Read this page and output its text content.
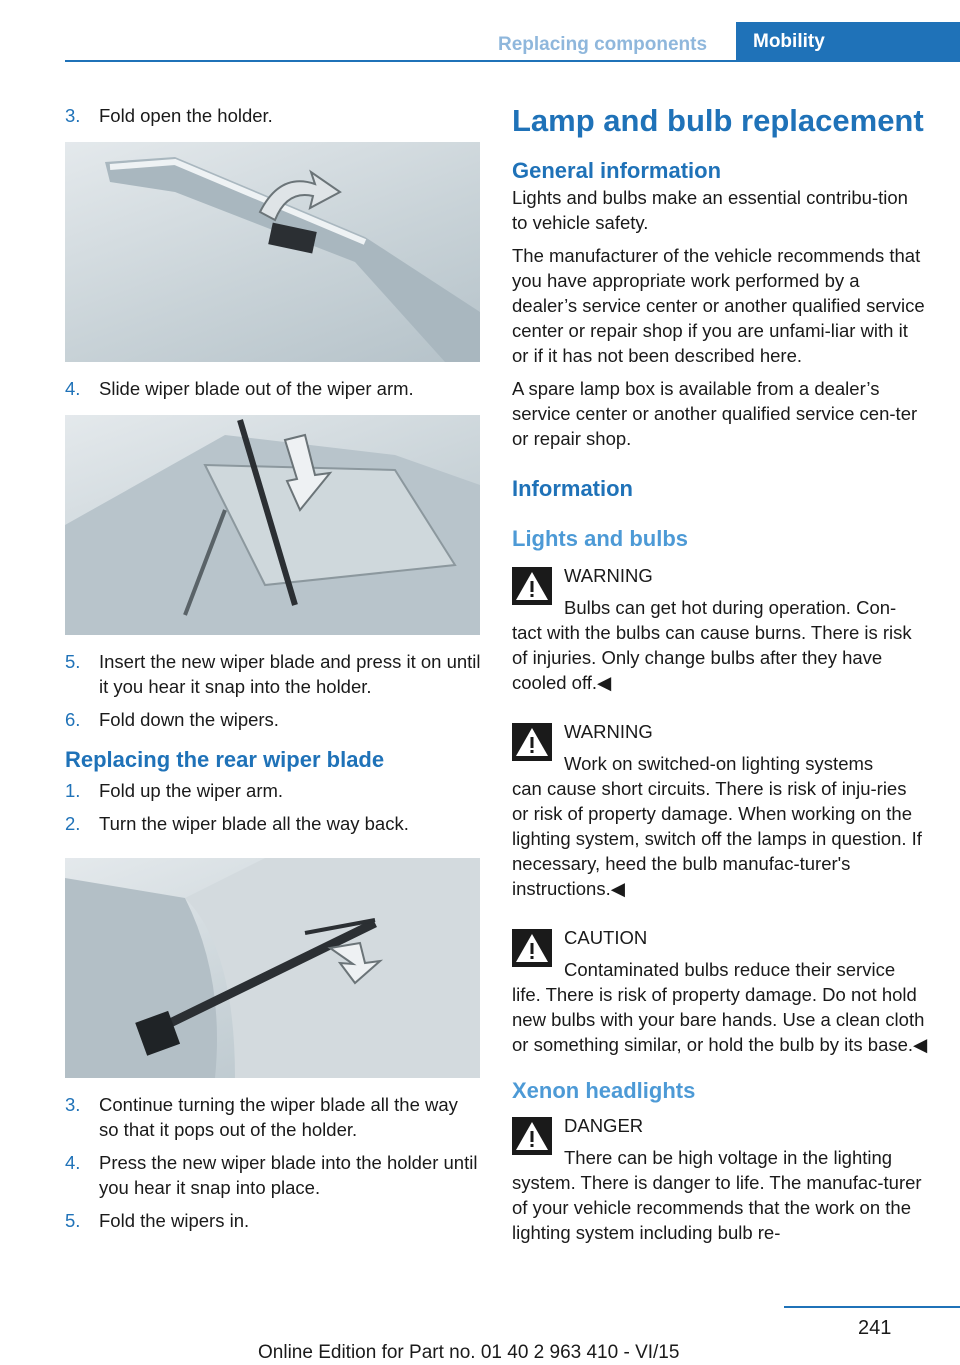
Replacing components	Mobility
3. Fold open the holder.
4. Slide wiper blade out of the wiper arm.
5. Insert the new wiper blade and press it on until it you hear it snap into the holder.
6. Fold down the wipers.
Replacing the rear wiper blade
1. Fold up the wiper arm.
2. Turn the wiper blade all the way back.
3. Continue turning the wiper blade all the way so that it pops out of the holder.
4. Press the new wiper blade into the holder until you hear it snap into place.
5. Fold the wipers in.
Lamp and bulb replacement
General information

Lights and bulbs make an essential contribu‐tion to vehicle safety.

The manufacturer of the vehicle recommends that you have appropriate work performed by a dealer’s service center or another qualified service center or repair shop if you are unfami‐liar with it or if it has not been described here.

A spare lamp box is available from a dealer’s service center or another qualified service cen‐ter or repair shop.

Information
Lights and bulbs

WARNING

Bulbs can get hot during operation. Con‐

tact with the bulbs can cause burns. There is risk of injuries. Only change bulbs after they have cooled off.◀

WARNING

Work on switched-on lighting systems

can cause short circuits. There is risk of inju‐ries or risk of property damage. When working on the lighting system, switch off the lamps in question. If necessary, heed the bulb manufac‐turer's instructions.◀

CAUTION

Contaminated bulbs reduce their service

life. There is risk of property damage. Do not hold new bulbs with your bare hands. Use a clean cloth or something similar, or hold the bulb by its base.◀

Xenon headlights

DANGER

There can be high voltage in the lighting

system. There is danger to life. The manufac‐turer of your vehicle recommends that the work on the lighting system including bulb re‐

241
Online Edition for Part no. 01 40 2 963 410 - VI/15
